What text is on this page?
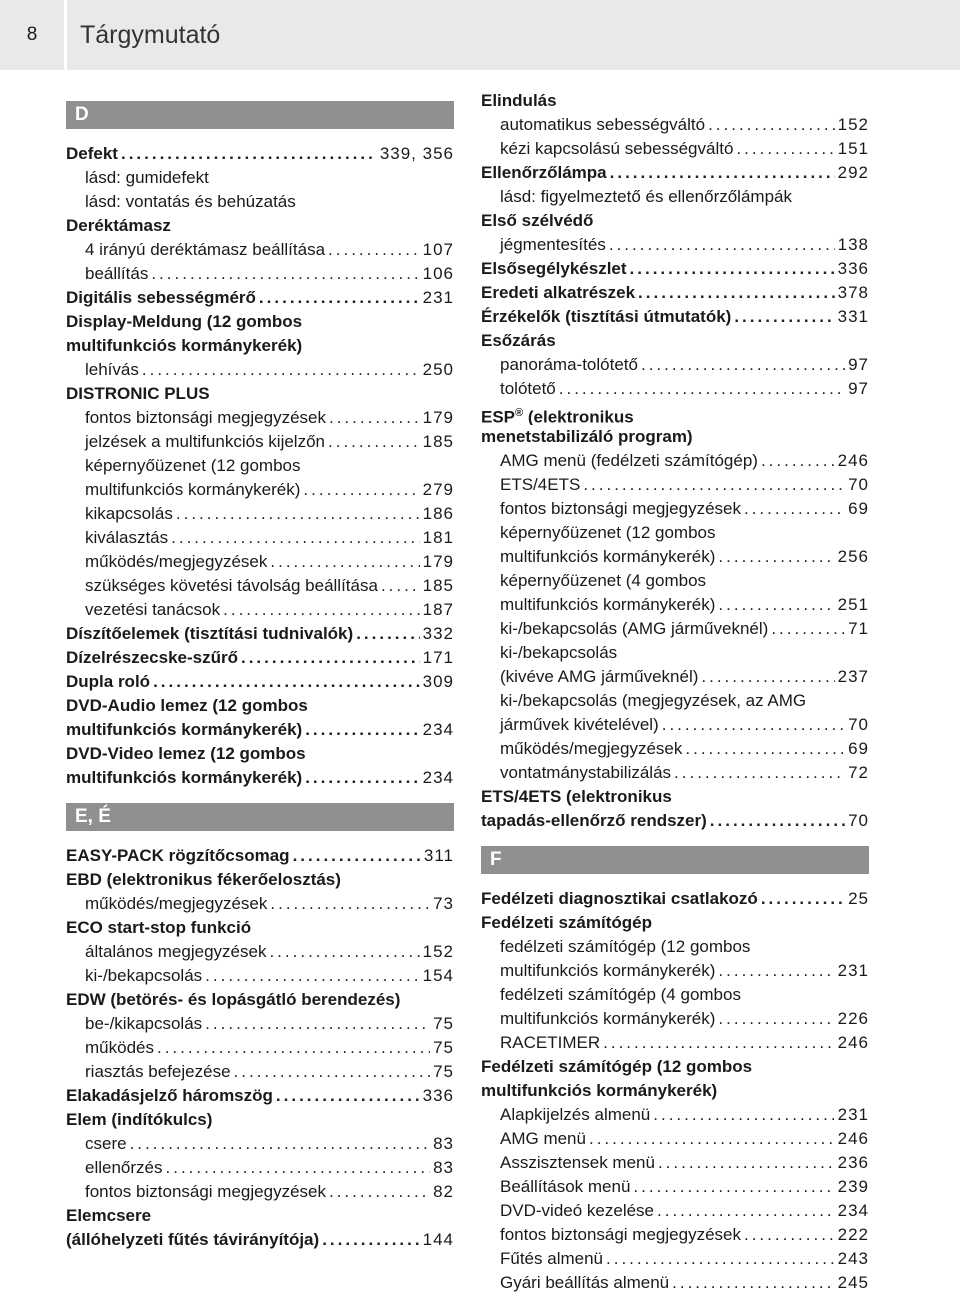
8	Tárgymutató
D
Defekt .....	339, 356
lásd: gumidefekt
lásd: vontatás és behúzatás
Deréktámasz
4 irányú deréktámasz beállítása .....	107
beállítás .....	106
Digitális sebességmérő .....	231
Display-Meldung (12 gombos
multifunkciós kormánykerék)
lehívás .....	250
DISTRONIC PLUS
fontos biztonsági megjegyzések .....	179
jelzések a multifunkciós kijelzőn .....	185
képernyőüzenet (12 gombos
multifunkciós kormánykerék) .....	279
kikapcsolás .....	186
kiválasztás .....	181
működés/megjegyzések .....	179
szükséges követési távolság beállítása .....	185
vezetési tanácsok .....	187
Díszítőelemek (tisztítási tudnivalók) .....	332
Dízelrészecske-szűrő .....	171
Dupla roló .....	309
DVD-Audio lemez (12 gombos
multifunkciós kormánykerék) .....	234
DVD-Video lemez (12 gombos
multifunkciós kormánykerék) .....	234
E, É
EASY-PACK rögzítőcsomag .....	311
EBD (elektronikus fékerőelosztás)
működés/megjegyzések .....	73
ECO start-stop funkció
általános megjegyzések .....	152
ki-/bekapcsolás .....	154
EDW (betörés- és lopásgátló berendezés)
be-/kikapcsolás .....	75
működés .....	75
riasztás befejezése .....	75
Elakadásjelző háromszög .....	336
Elem (indítókulcs)
csere .....	83
ellenőrzés .....	83
fontos biztonsági megjegyzések .....	82
Elemcsere
(állóhelyzeti fűtés távirányítója) .....	144
Elindulás
automatikus sebességváltó .....	152
kézi kapcsolású sebességváltó .....	151
Ellenőrzőlámpa .....	292
lásd: figyelmeztető és ellenőrzőlámpák
Első szélvédő
jégmentesítés .....	138
Elsősegélykészlet .....	336
Eredeti alkatrészek .....	378
Érzékelők (tisztítási útmutatók) .....	331
Esőzárás
panoráma-tolótető .....	97
tolótető .....	97
ESP® (elektronikus
menetstabilizáló program)
AMG menü (fedélzeti számítógép) .....	246
ETS/4ETS .....	70
fontos biztonsági megjegyzések .....	69
képernyőüzenet (12 gombos
multifunkciós kormánykerék) .....	256
képernyőüzenet (4 gombos
multifunkciós kormánykerék) .....	251
ki-/bekapcsolás (AMG járműveknél) .....	71
ki-/bekapcsolás
(kivéve AMG járműveknél) .....	237
ki-/bekapcsolás (megjegyzések, az AMG
járművek kivételével) .....	70
működés/megjegyzések .....	69
vontatmánystabilizálás .....	72
ETS/4ETS (elektronikus
tapadás-ellenőrző rendszer) .....	70
F
Fedélzeti diagnosztikai csatlakozó .....	25
Fedélzeti számítógép
fedélzeti számítógép (12 gombos
multifunkciós kormánykerék) .....	231
fedélzeti számítógép (4 gombos
multifunkciós kormánykerék) .....	226
RACETIMER .....	246
Fedélzeti számítógép (12 gombos
multifunkciós kormánykerék)
Alapkijelzés almenü .....	231
AMG menü .....	246
Asszisztensek menü .....	236
Beállítások menü .....	239
DVD-videó kezelése .....	234
fontos biztonsági megjegyzések .....	222
Fűtés almenü .....	243
Gyári beállítás almenü .....	245
